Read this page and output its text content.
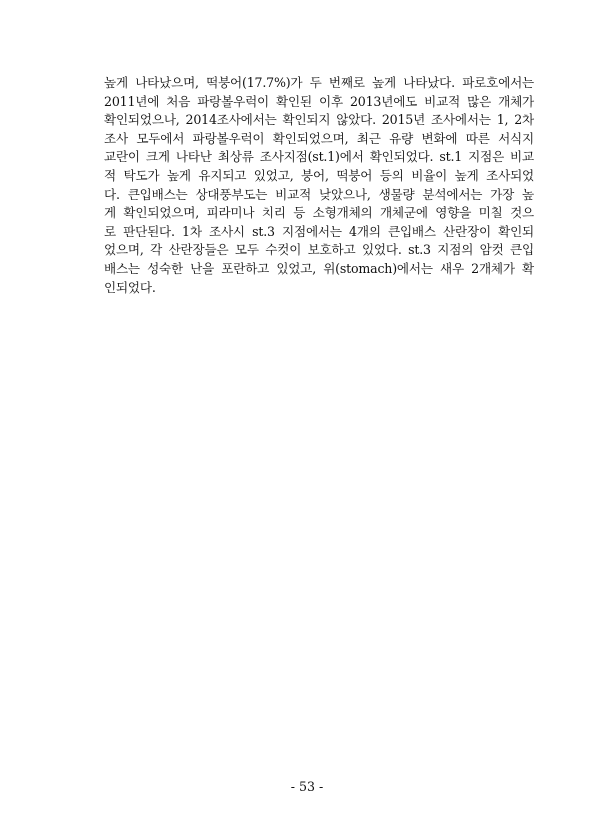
높게 나타났으며, 떡붕어(17.7%)가 두 번째로 높게 나타났다. 파로호에서는
2011년에 처음 파랑볼우럭이 확인된 이후 2013년에도 비교적 많은 개체가
확인되었으나, 2014조사에서는 확인되지 않았다. 2015년 조사에서는 1, 2차
조사 모두에서 파랑볼우럭이 확인되었으며, 최근 유량 변화에 따른 서식지
교란이 크게 나타난 최상류 조사지점(st.1)에서 확인되었다. st.1 지점은 비교
적 탁도가 높게 유지되고 있었고, 붕어, 떡붕어 등의 비율이 높게 조사되었
다. 큰입배스는 상대풍부도는 비교적 낮았으나, 생물량 분석에서는 가장 높
게 확인되었으며, 피라미나 치리 등 소형개체의 개체군에 영향을 미칠 것으
로 판단된다. 1차 조사시 st.3 지점에서는 4개의 큰입배스 산란장이 확인되
었으며, 각 산란장들은 모두 수컷이 보호하고 있었다. st.3 지점의 암컷 큰입
배스는 성숙한 난을 포란하고 있었고, 위(stomach)에서는 새우 2개체가 확
인되었다.
- 53 -
